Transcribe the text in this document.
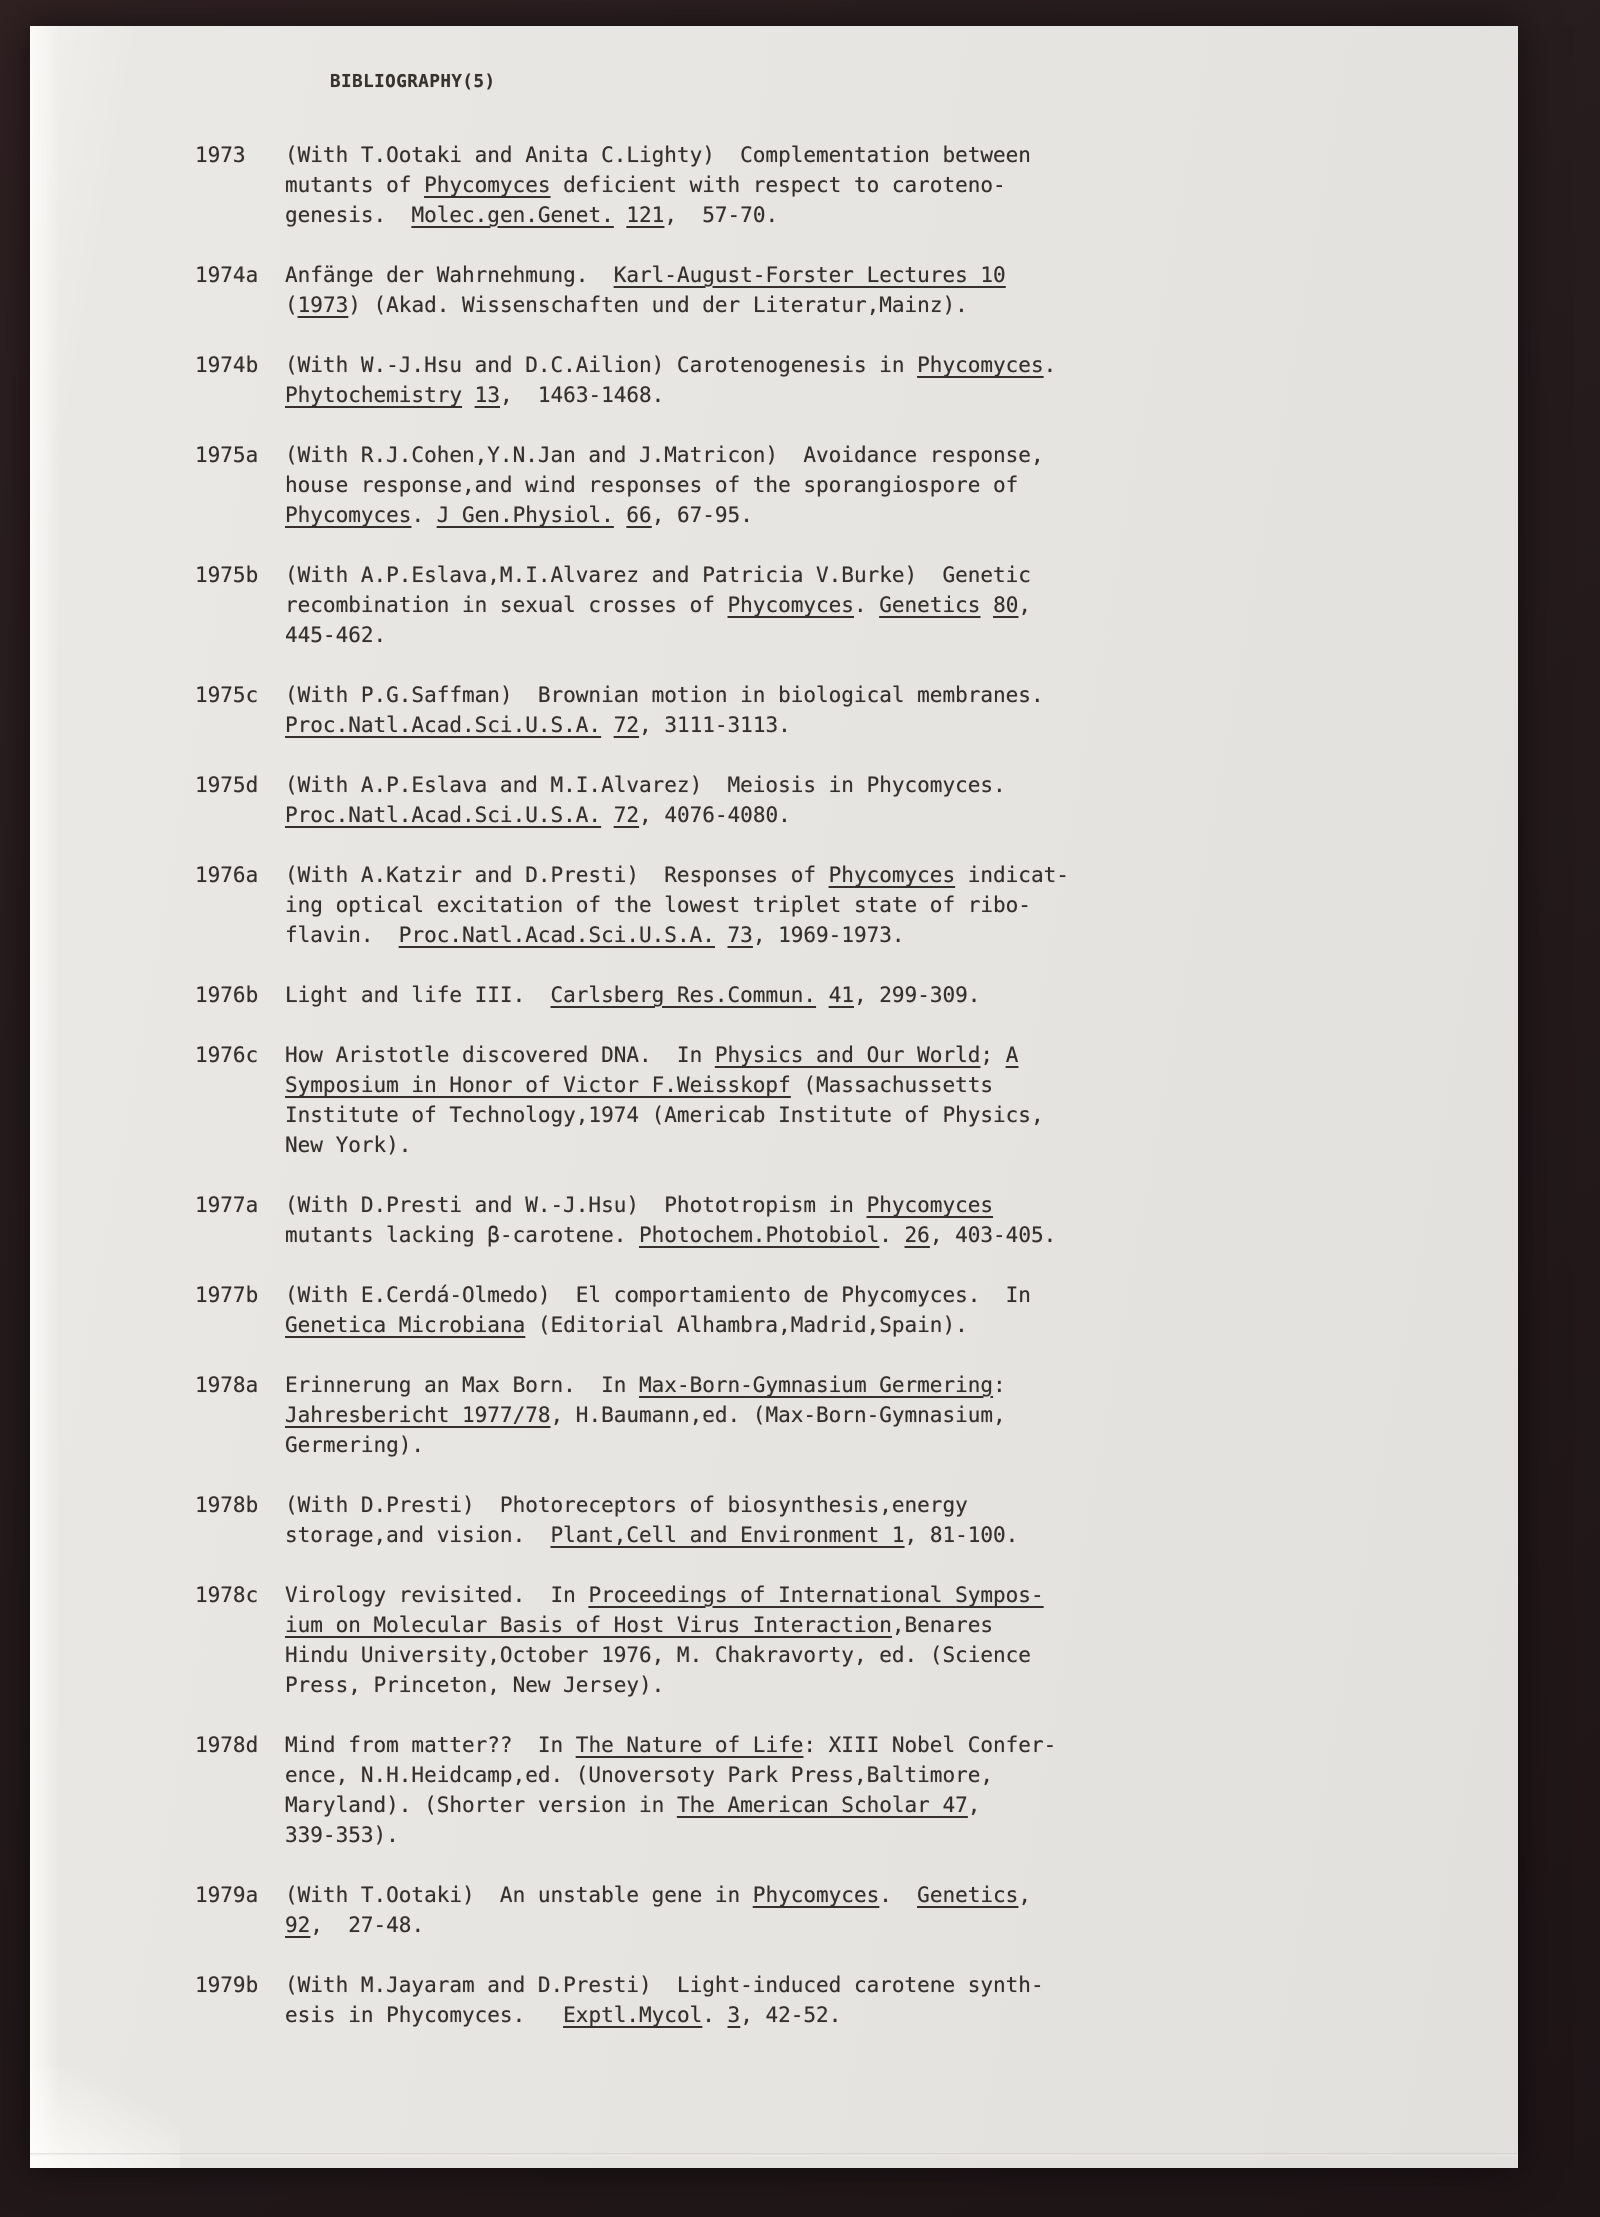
BIBLIOGRAPHY(5)
1973	(With T.Ootaki and Anita C.Lighty)  Complementation between
mutants of Phycomyces deficient with respect to caroteno-
genesis.  Molec.gen.Genet. 121,  57-70.
1974a	Anfänge der Wahrnehmung.  Karl-August-Forster Lectures 10
(1973) (Akad. Wissenschaften und der Literatur,Mainz).
1974b	(With W.-J.Hsu and D.C.Ailion) Carotenogenesis in Phycomyces.
Phytochemistry 13,  1463-1468.
1975a	(With R.J.Cohen,Y.N.Jan and J.Matricon)  Avoidance response,
house response,and wind responses of the sporangiospore of
Phycomyces. J Gen.Physiol. 66, 67-95.
1975b	(With A.P.Eslava,M.I.Alvarez and Patricia V.Burke)  Genetic
recombination in sexual crosses of Phycomyces. Genetics 80,
445-462.
1975c	(With P.G.Saffman)  Brownian motion in biological membranes.
Proc.Natl.Acad.Sci.U.S.A. 72, 3111-3113.
1975d	(With A.P.Eslava and M.I.Alvarez)  Meiosis in Phycomyces.
Proc.Natl.Acad.Sci.U.S.A. 72, 4076-4080.
1976a	(With A.Katzir and D.Presti)  Responses of Phycomyces indicat-
ing optical excitation of the lowest triplet state of ribo-
flavin.  Proc.Natl.Acad.Sci.U.S.A. 73, 1969-1973.
1976b	Light and life III.  Carlsberg Res.Commun. 41, 299-309.
1976c	How Aristotle discovered DNA.  In Physics and Our World; A
Symposium in Honor of Victor F.Weisskopf (Massachussetts
Institute of Technology,1974 (Americab Institute of Physics,
New York).
1977a	(With D.Presti and W.-J.Hsu)  Phototropism in Phycomyces
mutants lacking β-carotene. Photochem.Photobiol. 26, 403-405.
1977b	(With E.Cerdá-Olmedo)  El comportamiento de Phycomyces.  In
Genetica Microbiana (Editorial Alhambra,Madrid,Spain).
1978a	Erinnerung an Max Born.  In Max-Born-Gymnasium Germering:
Jahresbericht 1977/78, H.Baumann,ed. (Max-Born-Gymnasium,
Germering).
1978b	(With D.Presti)  Photoreceptors of biosynthesis,energy
storage,and vision.  Plant,Cell and Environment 1, 81-100.
1978c	Virology revisited.  In Proceedings of International Sympos-
ium on Molecular Basis of Host Virus Interaction,Benares
Hindu University,October 1976, M. Chakravorty, ed. (Science
Press, Princeton, New Jersey).
1978d	Mind from matter??  In The Nature of Life: XIII Nobel Confer-
ence, N.H.Heidcamp,ed. (Unoversoty Park Press,Baltimore,
Maryland). (Shorter version in The American Scholar 47,
339-353).
1979a	(With T.Ootaki)  An unstable gene in Phycomyces.  Genetics,
92,  27-48.
1979b	(With M.Jayaram and D.Presti)  Light-induced carotene synth-
esis in Phycomyces.   Exptl.Mycol. 3, 42-52.
